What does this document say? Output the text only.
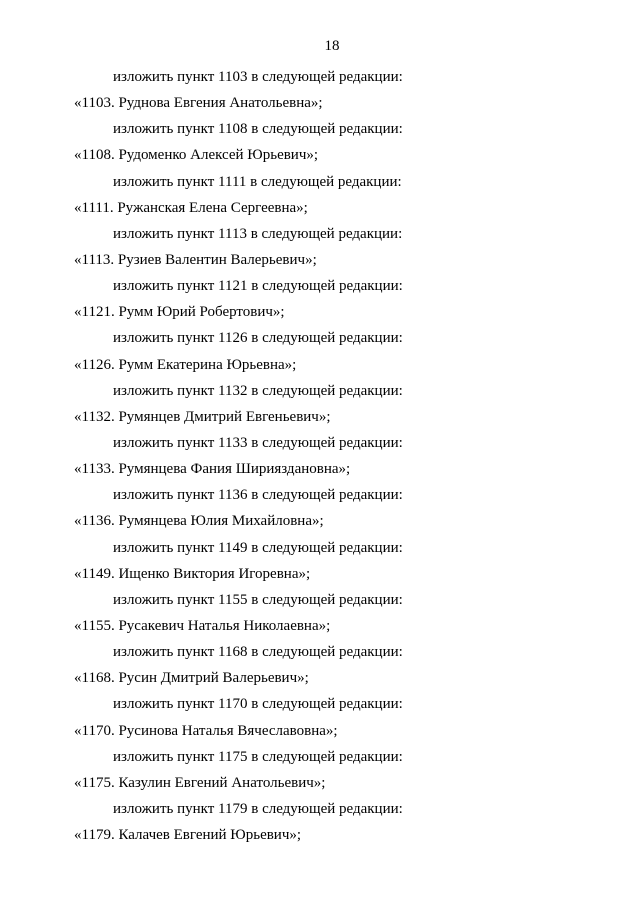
18
изложить пункт 1103 в следующей редакции:
«1103. Руднова Евгения Анатольевна»;
изложить пункт 1108 в следующей редакции:
«1108. Рудоменко Алексей Юрьевич»;
изложить пункт 1111 в следующей редакции:
«1111. Ружанская Елена Сергеевна»;
изложить пункт 1113 в следующей редакции:
«1113. Рузиев Валентин Валерьевич»;
изложить пункт 1121 в следующей редакции:
«1121. Румм Юрий Робертович»;
изложить пункт 1126 в следующей редакции:
«1126. Румм Екатерина Юрьевна»;
изложить пункт 1132 в следующей редакции:
«1132. Румянцев Дмитрий Евгеньевич»;
изложить пункт 1133 в следующей редакции:
«1133. Румянцева Фания Ширияздановна»;
изложить пункт 1136 в следующей редакции:
«1136. Румянцева Юлия Михайловна»;
изложить пункт 1149 в следующей редакции:
«1149. Ищенко Виктория Игоревна»;
изложить пункт 1155 в следующей редакции:
«1155. Русакевич Наталья Николаевна»;
изложить пункт 1168 в следующей редакции:
«1168. Русин Дмитрий Валерьевич»;
изложить пункт 1170 в следующей редакции:
«1170. Русинова Наталья Вячеславовна»;
изложить пункт 1175 в следующей редакции:
«1175. Казулин Евгений Анатольевич»;
изложить пункт 1179 в следующей редакции:
«1179. Калачев Евгений Юрьевич»;
